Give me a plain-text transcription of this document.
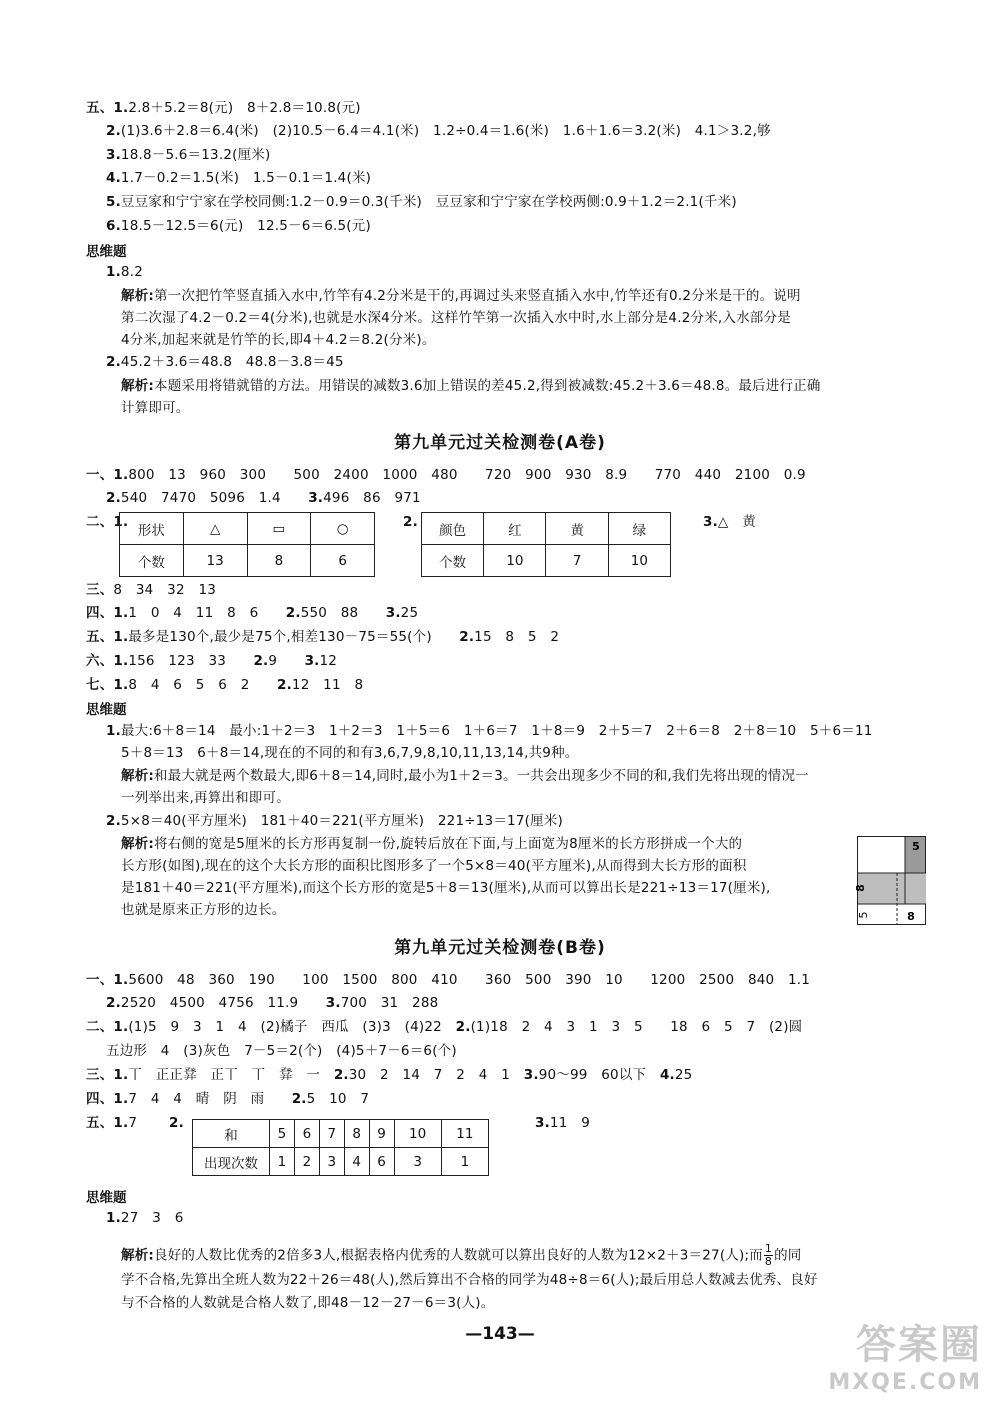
五、1.2.8＋5.2＝8(元)　8＋2.8＝10.8(元)
2.(1)3.6＋2.8＝6.4(米)　(2)10.5－6.4＝4.1(米)　1.2÷0.4＝1.6(米)　1.6＋1.6＝3.2(米)　4.1＞3.2,够
3.18.8－5.6＝13.2(厘米)
4.1.7－0.2＝1.5(米)　1.5－0.1＝1.4(米)
5.豆豆家和宁宁家在学校同侧:1.2－0.9＝0.3(千米)　豆豆家和宁宁家在学校两侧:0.9＋1.2＝2.1(千米)
6.18.5－12.5＝6(元)　12.5－6＝6.5(元)
思维题
1.8.2
解析:第一次把竹竿竖直插入水中,竹竿有4.2分米是干的,再调过头来竖直插入水中,竹竿还有0.2分米是干的。说明
第二次湿了4.2－0.2＝4(分米),也就是水深4分米。这样竹竿第一次插入水中时,水上部分是4.2分米,入水部分是
4分米,加起来就是竹竿的长,即4＋4.2＝8.2(分米)。
2.45.2＋3.6＝48.8　48.8－3.8＝45
解析:本题采用将错就错的方法。用错误的减数3.6加上错误的差45.2,得到被减数:45.2＋3.6＝48.8。最后进行正确
计算即可。
第九单元过关检测卷(A卷)
一、1.800　13　960　300　　500　2400　1000　480　　720　900　930　8.9　　770　440　2100　0.9
2.540　7470　5096　1.4　　 3.496　86　971
二、1.
形状	△	▭	○
个数	13	8	6
2.
颜色	红	黄	绿
个数	10	7	10
3.△　黄
三、8　34　32　13
四、1.1　0　4　11　8　6　　 2.550　88　　 3.25
五、1.最多是130个,最少是75个,相差130－75＝55(个)　　 2.15　8　5　2
六、1.156　123　33　　 2.9　　 3.12
七、1.8　4　6　5　6　2　　 2.12　11　8
思维题
1.最大:6＋8＝14　最小:1＋2＝3　1＋2＝3　1＋5＝6　1＋6＝7　1＋8＝9　2＋5＝7　2＋6＝8　2＋8＝10　5＋6＝11
5＋8＝13　6＋8＝14,现在的不同的和有3,6,7,9,8,10,11,13,14,共9种。
解析:和最大就是两个数最大,即6＋8＝14,同时,最小为1＋2＝3。一共会出现多少不同的和,我们先将出现的情况一
一列举出来,再算出和即可。
2.5×8＝40(平方厘米)　181＋40＝221(平方厘米)　221÷13＝17(厘米)
解析:将右侧的宽是5厘米的长方形再复制一份,旋转后放在下面,与上面宽为8厘米的长方形拼成一个大的
长方形(如图),现在的这个大长方形的面积比图形多了一个5×8＝40(平方厘米),从而得到大长方形的面积
是181＋40＝221(平方厘米),而这个长方形的宽是5＋8＝13(厘米),从而可以算出长是221÷13＝17(厘米),
也就是原来正方形的边长。
5
8
5	8
第九单元过关检测卷(B卷)
一、1.5600　48　360　190　　100　1500　800　410　　360　500　390　10　　1200　2500　840　1.1
2.2520　4500　4756　11.9　　 3.700　31　288
二、1.(1)5　9　3　1　4　(2)橘子　西瓜　(3)3　(4)22　 2.(1)18　2　4　3　1　3　5　　18　6　5　7　(2)圆
五边形　4　(3)灰色　7－5＝2(个)　(4)5＋7－6＝6(个)
三、1.丅　正正𤼷　正丅　丅　𤼷　一　 2.30　2　14　7　2　4　1　 3.90～99　60以下　 4.25
四、1.7　4　4　晴　阴　雨　　 2.5　10　7
五、1.7 2.
和	5	6	7	8	9	10	11
出现次数	1	2	3	4	6	3	1
3.11　9
思维题
1.27　3　6
解析:良好的人数比优秀的2倍多3人,根据表格内优秀的人数就可以算出良好的人数为12×2＋3＝27(人);而 $\frac{1}{8}$ 的同
学不合格,先算出全班人数为22＋26＝48(人),然后算出不合格的同学为48÷8＝6(人);最后用总人数减去优秀、良好
与不合格的人数就是合格人数了,即48－12－27－6＝3(人)。
—143—	答案圈
MXQE.COM
